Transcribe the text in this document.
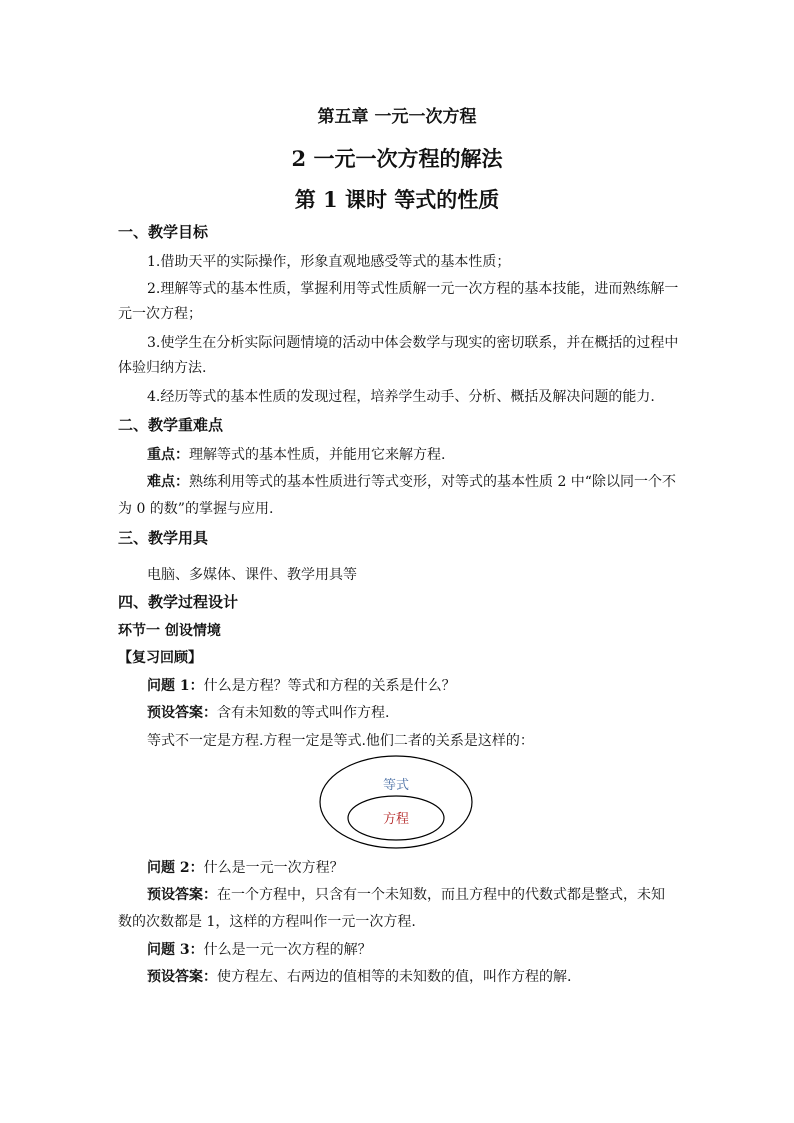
第五章 一元一次方程
2 一元一次方程的解法
第 1 课时 等式的性质
一、教学目标
1.借助天平的实际操作，形象直观地感受等式的基本性质；
2.理解等式的基本性质，掌握利用等式性质解一元一次方程的基本技能，进而熟练解一
元一次方程；
3.使学生在分析实际问题情境的活动中体会数学与现实的密切联系，并在概括的过程中
体验归纳方法.
4.经历等式的基本性质的发现过程，培养学生动手、分析、概括及解决问题的能力.
二、教学重难点
重点：理解等式的基本性质，并能用它来解方程.
难点：熟练利用等式的基本性质进行等式变形，对等式的基本性质 2 中“除以同一个不
为 0 的数”的掌握与应用.
三、教学用具
电脑、多媒体、课件、教学用具等
四、教学过程设计
环节一 创设情境
【复习回顾】
问题 1：什么是方程？等式和方程的关系是什么？
预设答案：含有未知数的等式叫作方程.
等式不一定是方程.方程一定是等式.他们二者的关系是这样的：
等式
方程
问题 2：什么是一元一次方程？
预设答案：在一个方程中，只含有一个未知数，而且方程中的代数式都是整式，未知
数的次数都是 1，这样的方程叫作一元一次方程.
问题 3：什么是一元一次方程的解？
预设答案：使方程左、右两边的值相等的未知数的值，叫作方程的解.
